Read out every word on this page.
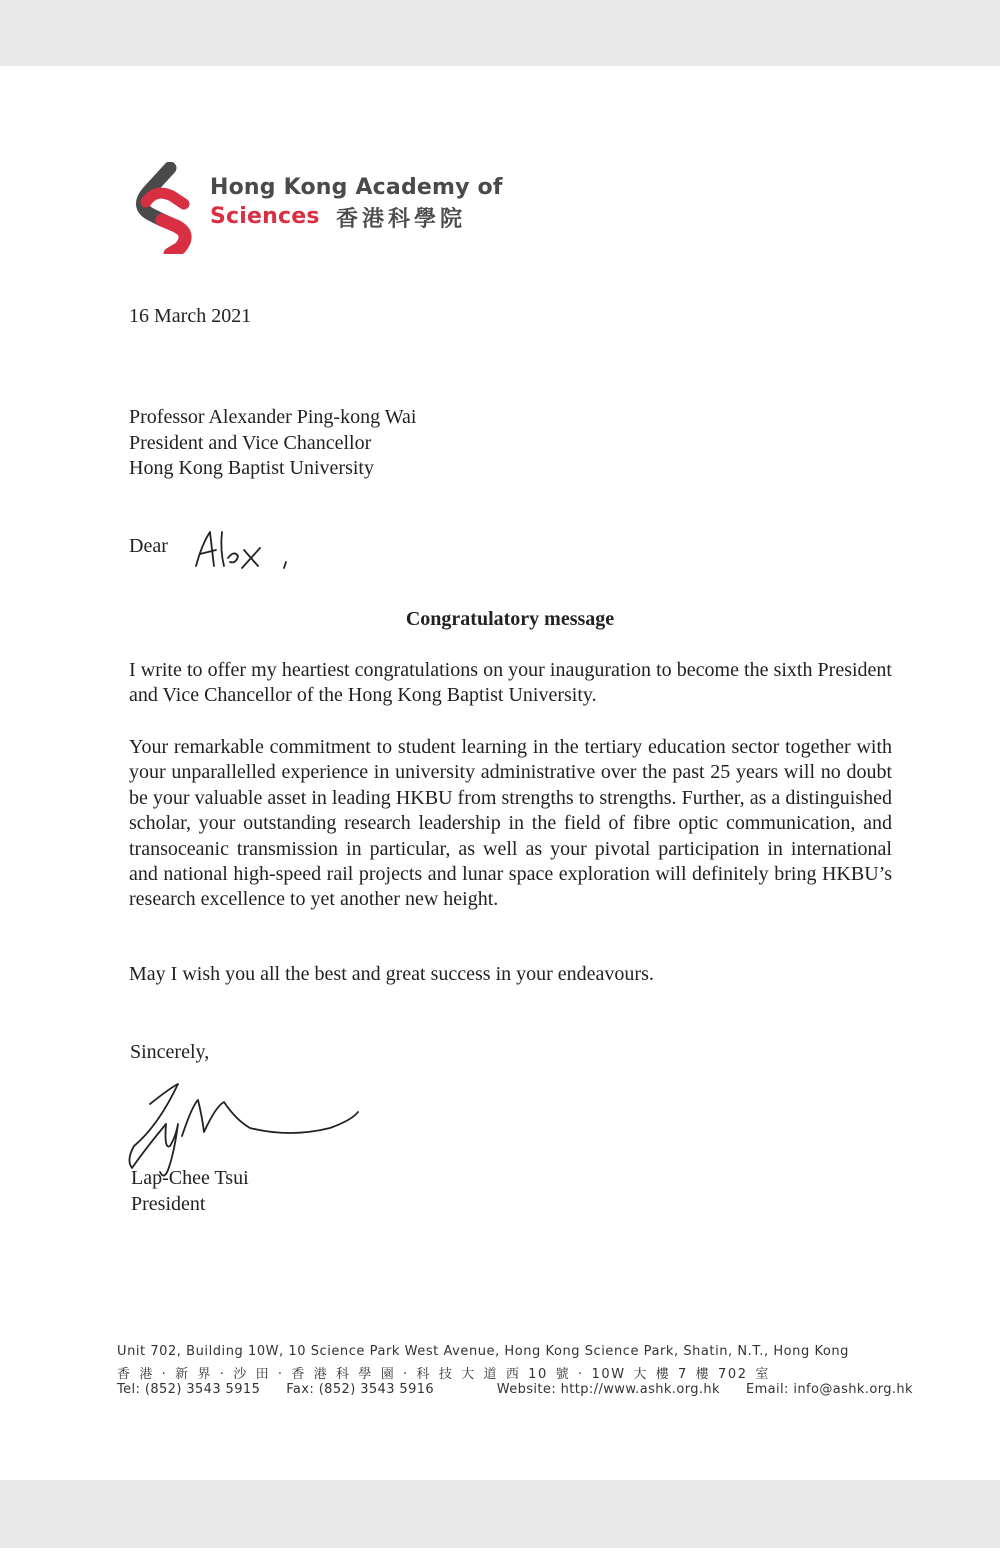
Hong Kong Academy of
Sciences 香港科學院
16 March 2021
Professor Alexander Ping-kong Wai
President and Vice Chancellor
Hong Kong Baptist University
Dear
Congratulatory message
I write to offer my heartiest congratulations on your inauguration to become the sixth President and Vice Chancellor of the Hong Kong Baptist University.
Your remarkable commitment to student learning in the tertiary education sector together with your unparallelled experience in university administrative over the past 25 years will no doubt be your valuable asset in leading HKBU from strengths to strengths. Further, as a distinguished scholar, your outstanding research leadership in the field of fibre optic communication, and transoceanic transmission in particular, as well as your pivotal participation in international and national high-speed rail projects and lunar space exploration will definitely bring HKBU’s research excellence to yet another new height.
May I wish you all the best and great success in your endeavours.
Sincerely,
Lap-Chee Tsui
President
Unit 702, Building 10W, 10 Science Park West Avenue, Hong Kong Science Park, Shatin, N.T., Hong Kong
香 港 · 新 界 · 沙 田 · 香 港 科 學 園 · 科 技 大 道 西 10 號 · 10W 大 樓 7 樓 702 室
Tel: (852) 3543 5915 Fax: (852) 3543 5916	Website: http://www.ashk.org.hk Email: info@ashk.org.hk
